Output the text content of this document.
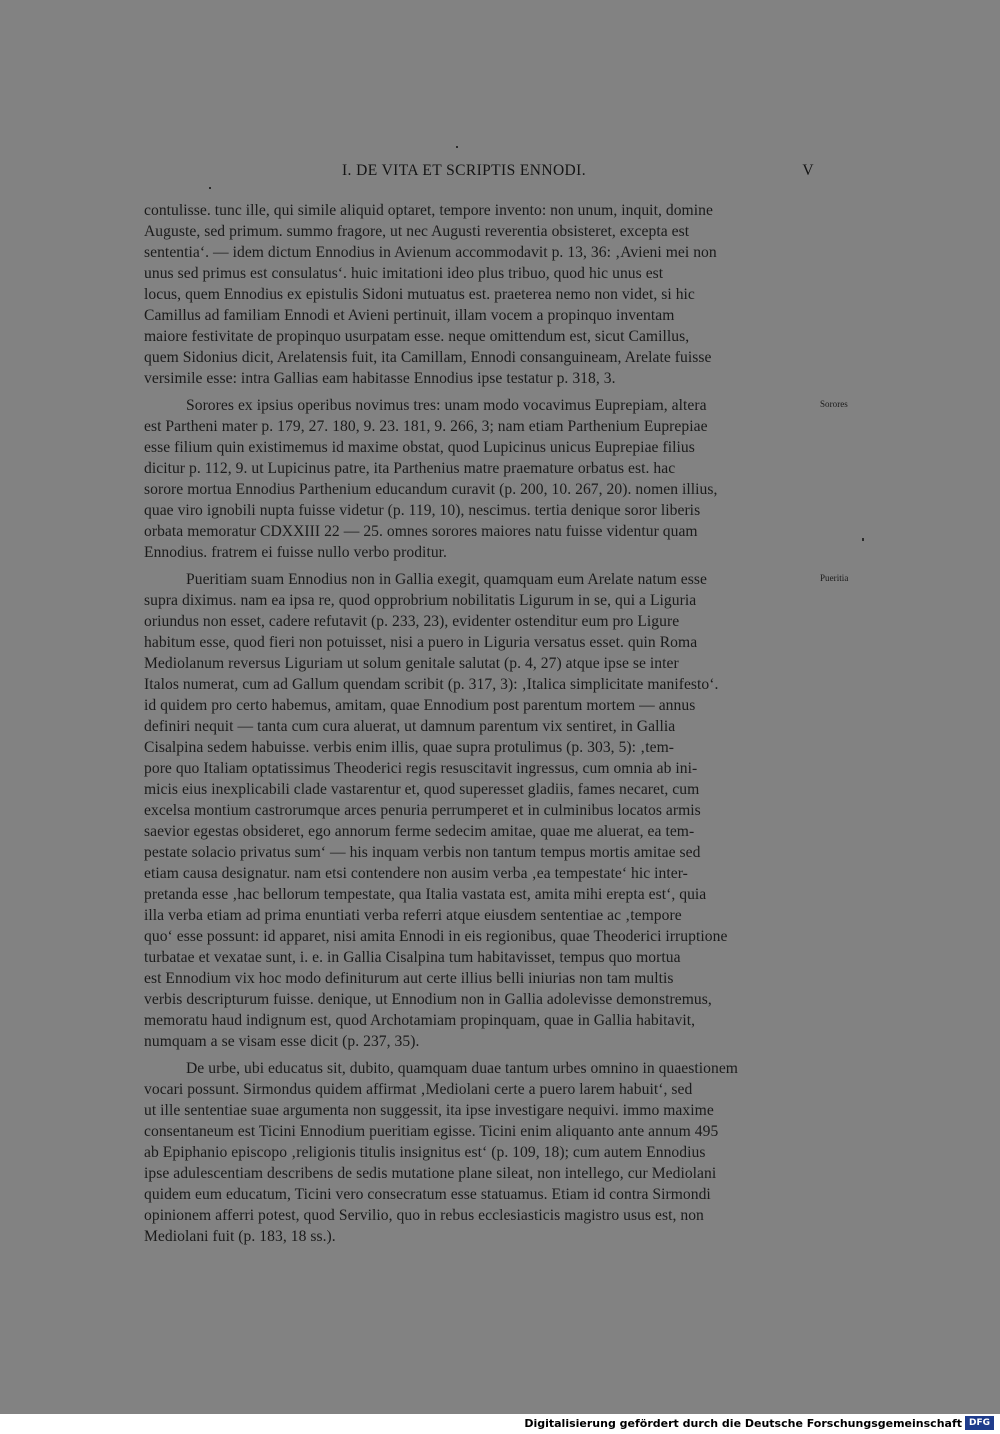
I. DE VITA ET SCRIPTIS ENNODI.	V
contulisse. tunc ille, qui simile aliquid optaret, tempore invento: non unum, inquit, domine
Auguste, sed primum. summo fragore, ut nec Augusti reverentia obsisteret, excepta est
sententia‘. — idem dictum Ennodius in Avienum accommodavit p. 13, 36: ‚Avieni mei non
unus sed primus est consulatus‘. huic imitationi ideo plus tribuo, quod hic unus est
locus, quem Ennodius ex epistulis Sidoni mutuatus est. praeterea nemo non videt, si hic
Camillus ad familiam Ennodi et Avieni pertinuit, illam vocem a propinquo inventam
maiore festivitate de propinquo usurpatam esse. neque omittendum est, sicut Camillus,
quem Sidonius dicit, Arelatensis fuit, ita Camillam, Ennodi consanguineam, Arelate fuisse
versimile esse: intra Gallias eam habitasse Ennodius ipse testatur p. 318, 3.
Sorores
Sorores ex ipsius operibus novimus tres: unam modo vocavimus Euprepiam, altera
est Partheni mater p. 179, 27. 180, 9. 23. 181, 9. 266, 3; nam etiam Parthenium Euprepiae
esse filium quin existimemus id maxime obstat, quod Lupicinus unicus Euprepiae filius
dicitur p. 112, 9. ut Lupicinus patre, ita Parthenius matre praemature orbatus est. hac
sorore mortua Ennodius Parthenium educandum curavit (p. 200, 10. 267, 20). nomen illius,
quae viro ignobili nupta fuisse videtur (p. 119, 10), nescimus. tertia denique soror liberis
orbata memoratur CDXXIII 22 — 25. omnes sorores maiores natu fuisse videntur quam
Ennodius. fratrem ei fuisse nullo verbo proditur.
Pueritia
Pueritiam suam Ennodius non in Gallia exegit, quamquam eum Arelate natum esse
supra diximus. nam ea ipsa re, quod opprobrium nobilitatis Ligurum in se, qui a Liguria
oriundus non esset, cadere refutavit (p. 233, 23), evidenter ostenditur eum pro Ligure
habitum esse, quod fieri non potuisset, nisi a puero in Liguria versatus esset. quin Roma
Mediolanum reversus Liguriam ut solum genitale salutat (p. 4, 27) atque ipse se inter
Italos numerat, cum ad Gallum quendam scribit (p. 317, 3): ‚Italica simplicitate manifesto‘.
id quidem pro certo habemus, amitam, quae Ennodium post parentum mortem — annus
definiri nequit — tanta cum cura aluerat, ut damnum parentum vix sentiret, in Gallia
Cisalpina sedem habuisse. verbis enim illis, quae supra protulimus (p. 303, 5): ‚tem-
pore quo Italiam optatissimus Theoderici regis resuscitavit ingressus, cum omnia ab ini-
micis eius inexplicabili clade vastarentur et, quod superesset gladiis, fames necaret, cum
excelsa montium castrorumque arces penuria perrumperet et in culminibus locatos armis
saevior egestas obsideret, ego annorum ferme sedecim amitae, quae me aluerat, ea tem-
pestate solacio privatus sum‘ — his inquam verbis non tantum tempus mortis amitae sed
etiam causa designatur. nam etsi contendere non ausim verba ‚ea tempestate‘ hic inter-
pretanda esse ‚hac bellorum tempestate, qua Italia vastata est, amita mihi erepta est‘, quia
illa verba etiam ad prima enuntiati verba referri atque eiusdem sententiae ac ‚tempore
quo‘ esse possunt: id apparet, nisi amita Ennodi in eis regionibus, quae Theoderici irruptione
turbatae et vexatae sunt, i. e. in Gallia Cisalpina tum habitavisset, tempus quo mortua
est Ennodium vix hoc modo definiturum aut certe illius belli iniurias non tam multis
verbis descripturum fuisse. denique, ut Ennodium non in Gallia adolevisse demonstremus,
memoratu haud indignum est, quod Archotamiam propinquam, quae in Gallia habitavit,
numquam a se visam esse dicit (p. 237, 35).
De urbe, ubi educatus sit, dubito, quamquam duae tantum urbes omnino in quaestionem
vocari possunt. Sirmondus quidem affirmat ‚Mediolani certe a puero larem habuit‘, sed
ut ille sententiae suae argumenta non suggessit, ita ipse investigare nequivi. immo maxime
consentaneum est Ticini Ennodium pueritiam egisse. Ticini enim aliquanto ante annum 495
ab Epiphanio episcopo ‚religionis titulis insignitus est‘ (p. 109, 18); cum autem Ennodius
ipse adulescentiam describens de sedis mutatione plane sileat, non intellego, cur Mediolani
quidem eum educatum, Ticini vero consecratum esse statuamus. Etiam id contra Sirmondi
opinionem afferri potest, quod Servilio, quo in rebus ecclesiasticis magistro usus est, non
Mediolani fuit (p. 183, 18 ss.).
Digitalisierung gefördert durch die Deutsche Forschungsgemeinschaft DFG
